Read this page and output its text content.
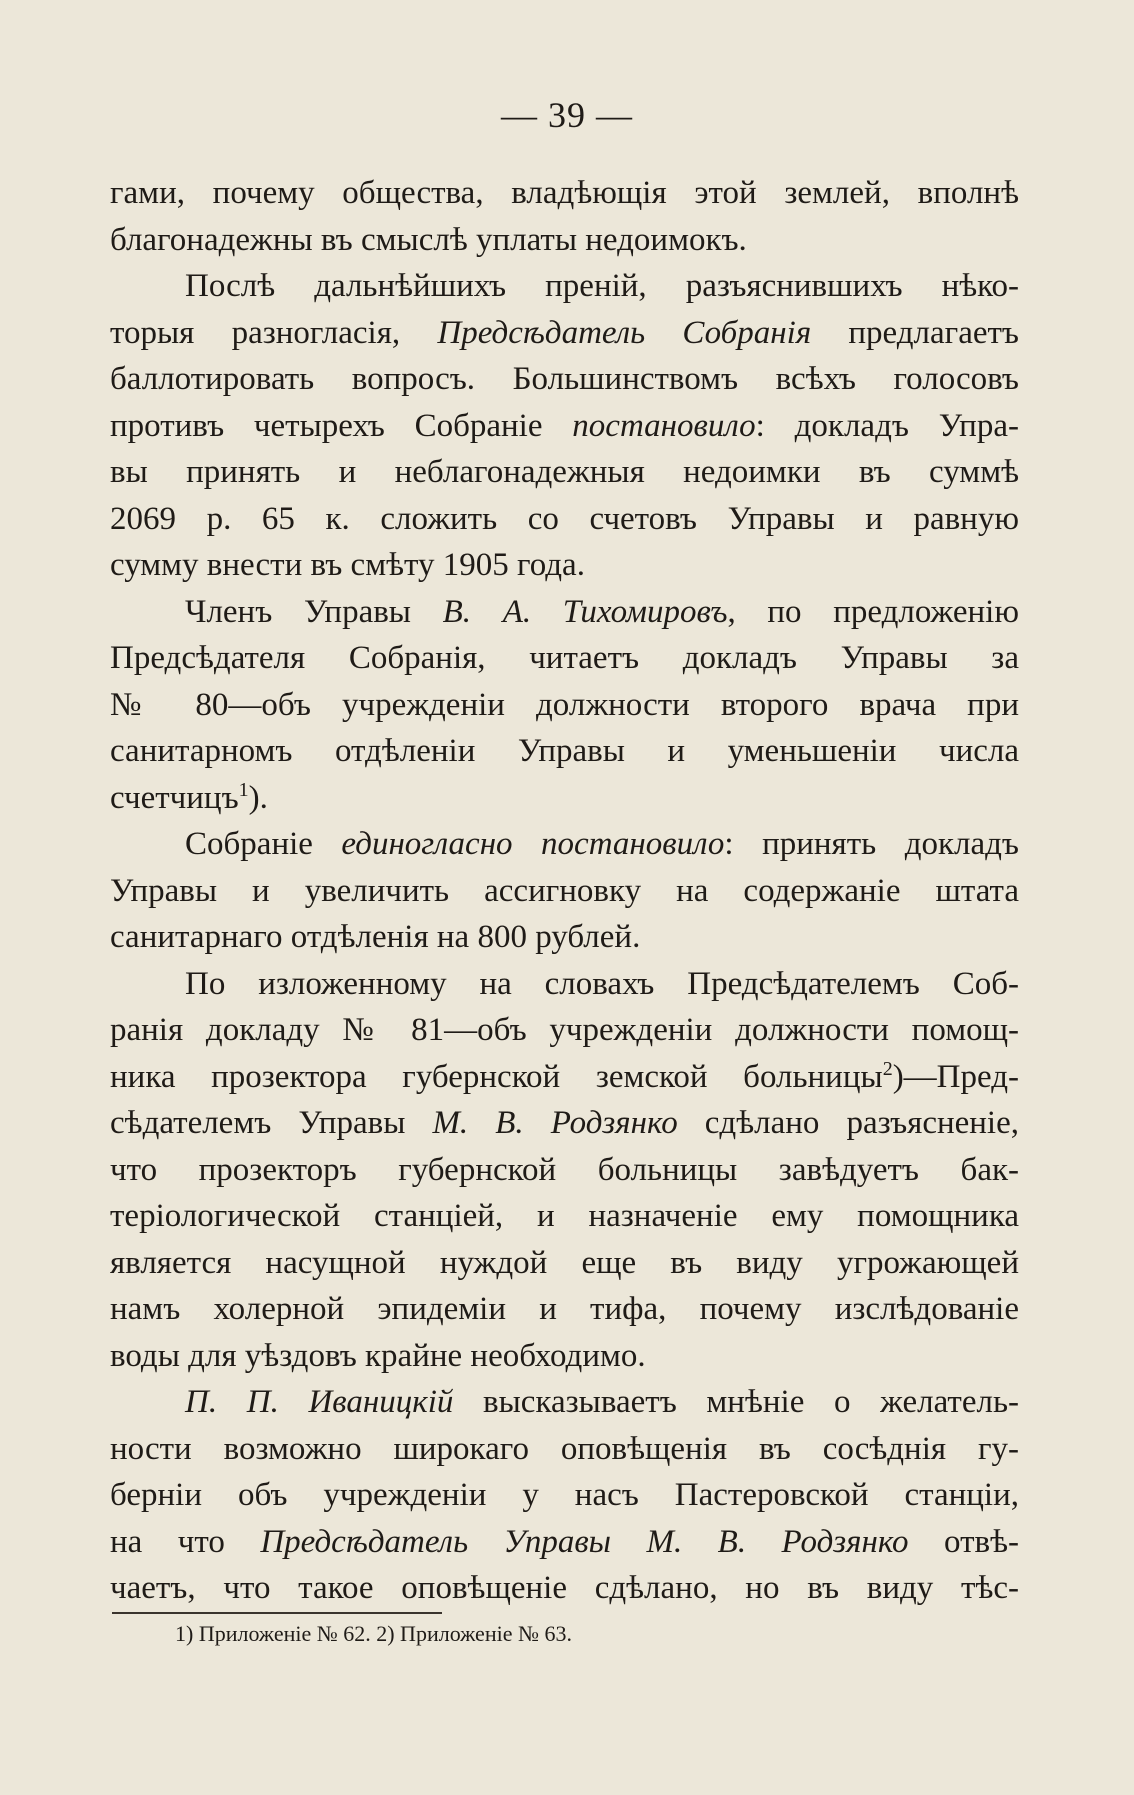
— 39 —
гами, почему общества, владѣющія этой землей, вполнѣ
благонадежны въ смыслѣ уплаты недоимокъ.
Послѣ дальнѣйшихъ преній, разъяснившихъ нѣко-
торыя разногласія, Предсѣдатель Собранія предлагаетъ
баллотировать вопросъ. Большинствомъ всѣхъ голосовъ
противъ четырехъ Собраніе постановило: докладъ Упра-
вы принять и неблагонадежныя недоимки въ суммѣ
2069 р. 65 к. сложить со счетовъ Управы и равную
сумму внести въ смѣту 1905 года.
Членъ Управы В. А. Тихомировъ, по предложенію
Предсѣдателя Собранія, читаетъ докладъ Управы за
№ 80—объ учрежденіи должности второго врача при
санитарномъ отдѣленіи Управы и уменьшеніи числа
счетчицъ$^1$).
Собраніе единогласно постановило: принять докладъ
Управы и увеличить ассигновку на содержаніе штата
санитарнаго отдѣленія на 800 рублей.
По изложенному на словахъ Предсѣдателемъ Соб-
ранія докладу № 81—объ учрежденіи должности помощ-
ника прозектора губернской земской больницы$^2$)—Пред-
сѣдателемъ Управы М. В. Родзянко сдѣлано разъясненіе,
что прозекторъ губернской больницы завѣдуетъ бак-
теріологической станціей, и назначеніе ему помощника
является насущной нуждой еще въ виду угрожающей
намъ холерной эпидеміи и тифа, почему изслѣдованіе
воды для уѣздовъ крайне необходимо.
П. П. Иваницкій высказываетъ мнѣніе о желатель-
ности возможно широкаго оповѣщенія въ сосѣднія гу-
берніи объ учрежденіи у насъ Пастеровской станціи,
на что Предсѣдатель Управы М. В. Родзянко отвѣ-
чаетъ, что такое оповѣщеніе сдѣлано, но въ виду тѣс-
1) Приложеніе № 62. 2) Приложеніе № 63.
